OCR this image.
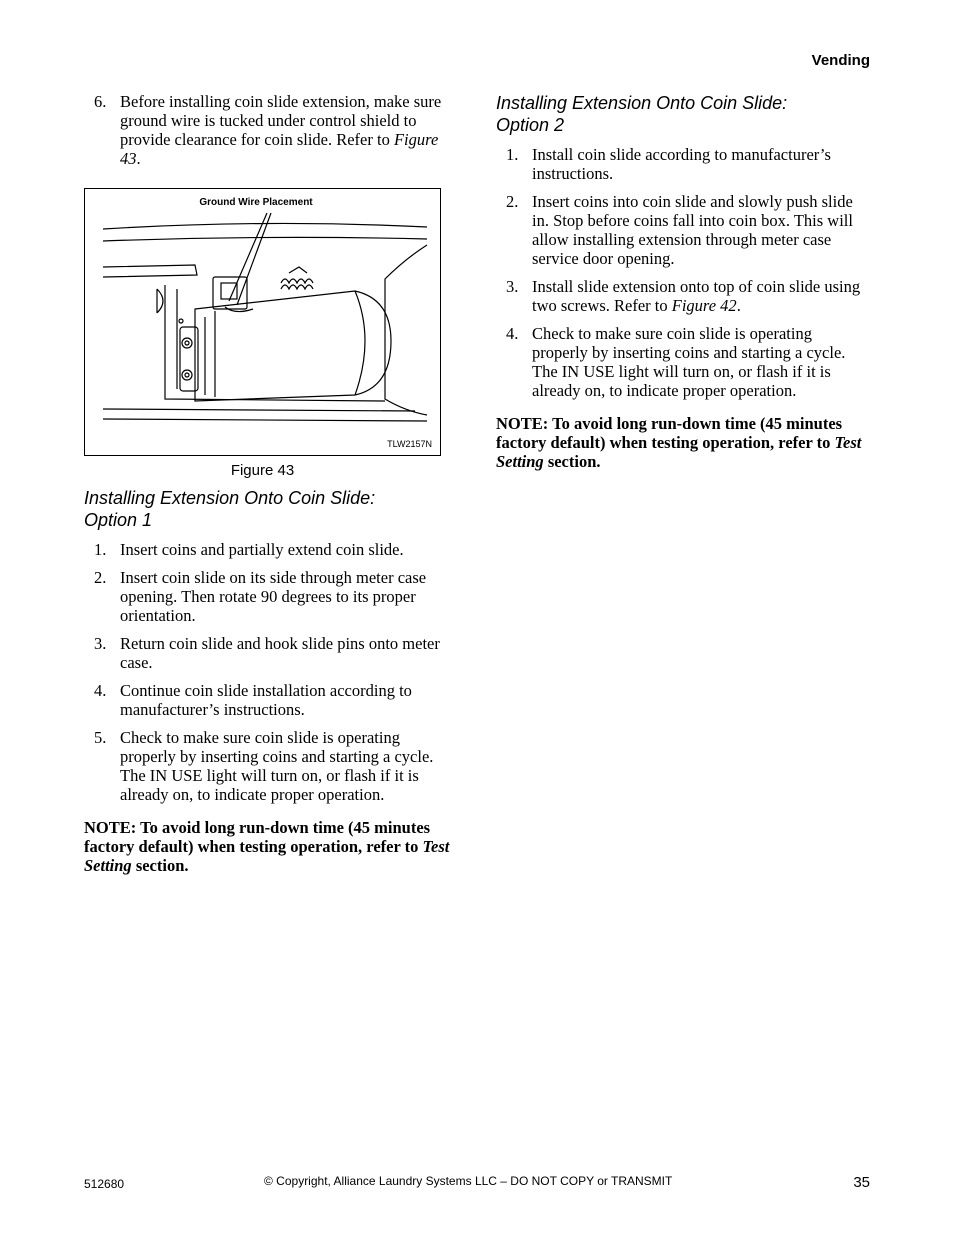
Vending
6. Before installing coin slide extension, make sure ground wire is tucked under control shield to provide clearance for coin slide. Refer to Figure 43.
Ground Wire Placement
TLW2157N
Figure 43
Installing Extension Onto Coin Slide:
Option 1
1. Insert coins and partially extend coin slide.
2. Insert coin slide on its side through meter case opening. Then rotate 90 degrees to its proper orientation.
3. Return coin slide and hook slide pins onto meter case.
4. Continue coin slide installation according to manufacturer’s instructions.
5. Check to make sure coin slide is operating properly by inserting coins and starting a cycle. The IN USE light will turn on, or flash if it is already on, to indicate proper operation.
NOTE: To avoid long run-down time (45 minutes factory default) when testing operation, refer to Test Setting section.
Installing Extension Onto Coin Slide:
Option 2
1. Install coin slide according to manufacturer’s instructions.
2. Insert coins into coin slide and slowly push slide in. Stop before coins fall into coin box. This will allow installing extension through meter case service door opening.
3. Install slide extension onto top of coin slide using two screws. Refer to Figure 42.
4. Check to make sure coin slide is operating properly by inserting coins and starting a cycle. The IN USE light will turn on, or flash if it is already on, to indicate proper operation.
NOTE: To avoid long run-down time (45 minutes factory default) when testing operation, refer to Test Setting section.
512680	© Copyright, Alliance Laundry Systems LLC – DO NOT COPY or TRANSMIT	35
